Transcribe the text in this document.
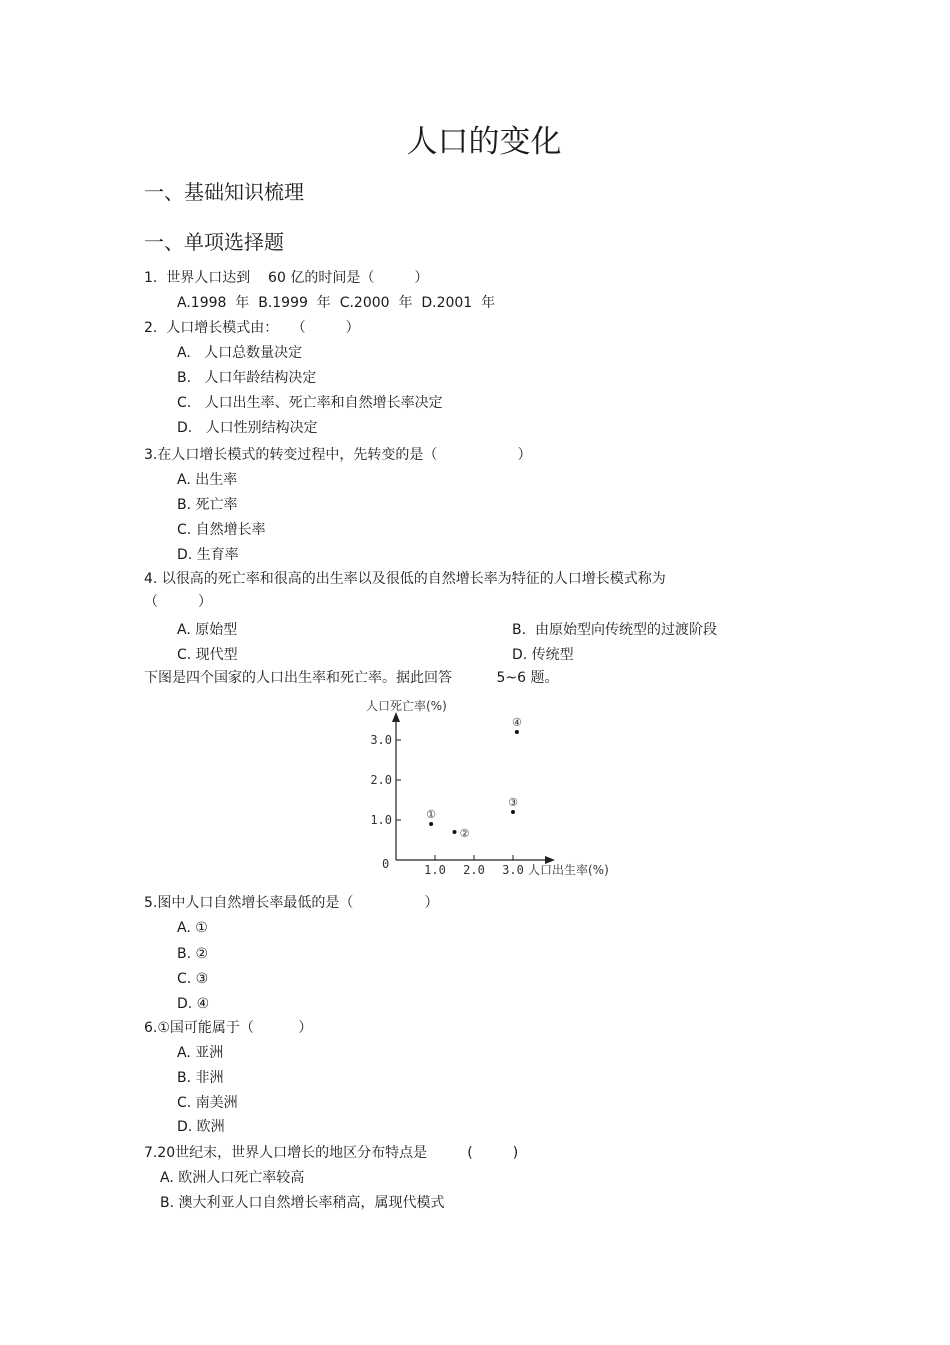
人口的变化
一、基础知识梳理
一、单项选择题
1.  世界人口达到    60 亿的时间是（         ）
A.1998  年  B.1999  年  C.2000  年  D.2001  年
2.  人口增长模式由：   （         ）
A.   人口总数量决定
B.   人口年龄结构决定
C.   人口出生率、死亡率和自然增长率决定
D.   人口性别结构决定
3.在人口增长模式的转变过程中，先转变的是（                  ）
A. 出生率
B. 死亡率
C. 自然增长率
D. 生育率
4. 以很高的死亡率和很高的出生率以及很低的自然增长率为特征的人口增长模式称为
（         ）
A. 原始型	B.  由原始型向传统型的过渡阶段
C. 现代型	D. 传统型
下图是四个国家的人口出生率和死亡率。据此回答          5~6 题。
人口死亡率(%)
人口出生率(%)
0	1.0 2.0 3.0
1.0
2.0
3.0
①
②
③
④
5.图中人口自然增长率最低的是（                ）
A. ①
B. ②
C. ③
D. ④
6.①国可能属于（          ）
A. 亚洲
B. 非洲
C. 南美洲
D. 欧洲
7.20世纪末，世界人口增长的地区分布特点是         (         )
A. 欧洲人口死亡率较高
B. 澳大利亚人口自然增长率稍高，属现代模式
